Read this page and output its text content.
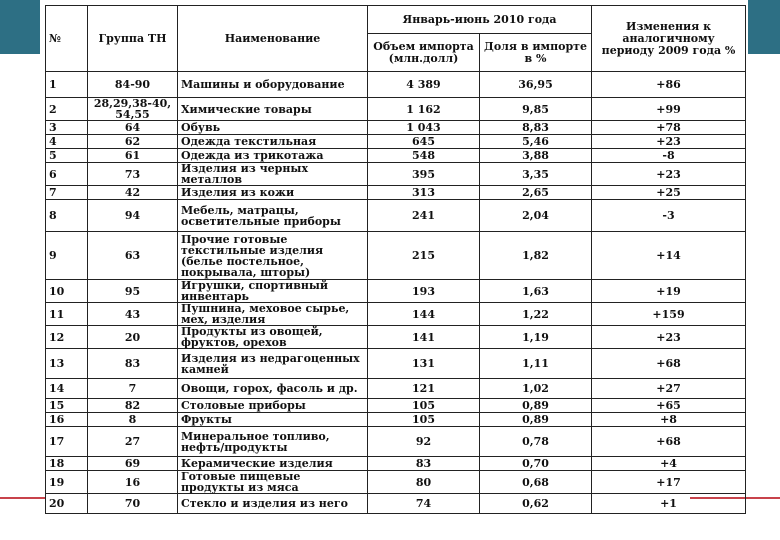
№	Группа ТН	Наименование	Январь-июнь 2010 года		Изменения к аналогичному периоду 2009 года %
			Объем импорта (млн.долл)	Доля в импорте в %	
1	84-90	Машины и оборудование	4 389	36,95	+86
2	28,29,38-40, 54,55	Химические товары	1 162	9,85	+99
3	64	Обувь	1 043	8,83	+78
4	62	Одежда текстильная	645	5,46	+23
5	61	Одежда из трикотажа	548	3,88	-8
6	73	Изделия из черных металлов	395	3,35	+23
7	42	Изделия из кожи	313	2,65	+25
8	94	Мебель, матрацы, осветительные приборы	241	2,04	-3
9	63	Прочие готовые текстильные изделия (белье постельное, покрывала, шторы)	215	1,82	+14
10	95	Игрушки, спортивный инвентарь	193	1,63	+19
11	43	Пушнина, меховое сырье, мех, изделия	144	1,22	+159
12	20	Продукты из овощей, фруктов, орехов	141	1,19	+23
13	83	Изделия из недрагоценных камней	131	1,11	+68
14	7	Овощи, горох, фасоль и др.	121	1,02	+27
15	82	Столовые приборы	105	0,89	+65
16	8	Фрукты	105	0,89	+8
17	27	Минеральное топливо, нефть/продукты	92	0,78	+68
18	69	Керамические изделия	83	0,70	+4
19	16	Готовые пищевые продукты из мяса	80	0,68	+17
20	70	Стекло и изделия из него	74	0,62	+1
